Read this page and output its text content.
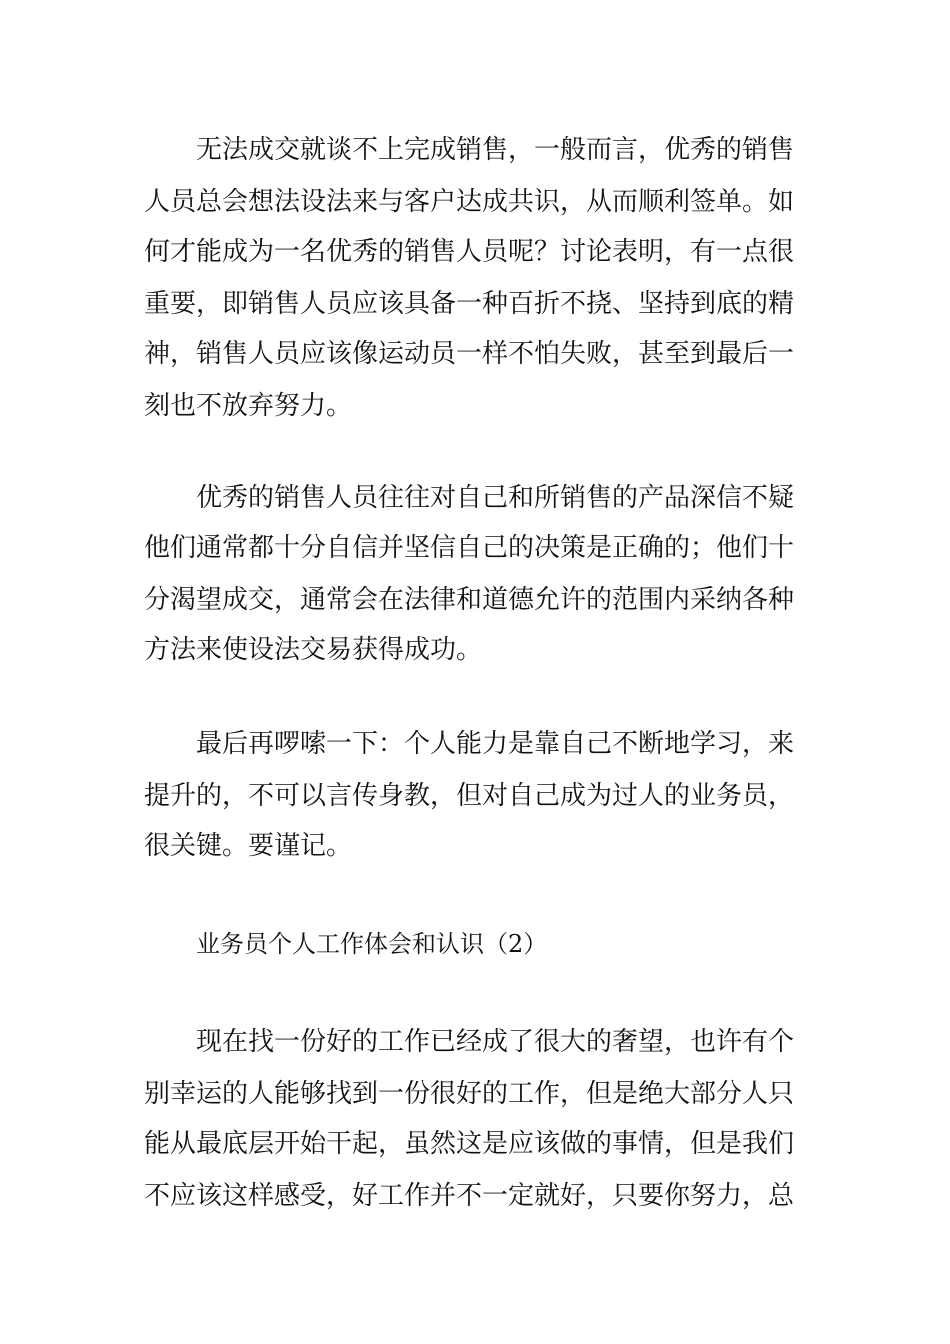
无法成交就谈不上完成销售，一般而言，优秀的销售
人员总会想法设法来与客户达成共识，从而顺利签单。如
何才能成为一名优秀的销售人员呢？讨论表明，有一点很
重要，即销售人员应该具备一种百折不挠、坚持到底的精
神，销售人员应该像运动员一样不怕失败，甚至到最后一
刻也不放弃努力。
优秀的销售人员往往对自己和所销售的产品深信不疑
他们通常都十分自信并坚信自己的决策是正确的；他们十
分渴望成交，通常会在法律和道德允许的范围内采纳各种
方法来使设法交易获得成功。
最后再啰嗦一下：个人能力是靠自己不断地学习，来
提升的，不可以言传身教，但对自己成为过人的业务员，
很关键。要谨记。
业务员个人工作体会和认识（2）
现在找一份好的工作已经成了很大的奢望，也许有个
别幸运的人能够找到一份很好的工作，但是绝大部分人只
能从最底层开始干起，虽然这是应该做的事情，但是我们
不应该这样感受，好工作并不一定就好，只要你努力，总
